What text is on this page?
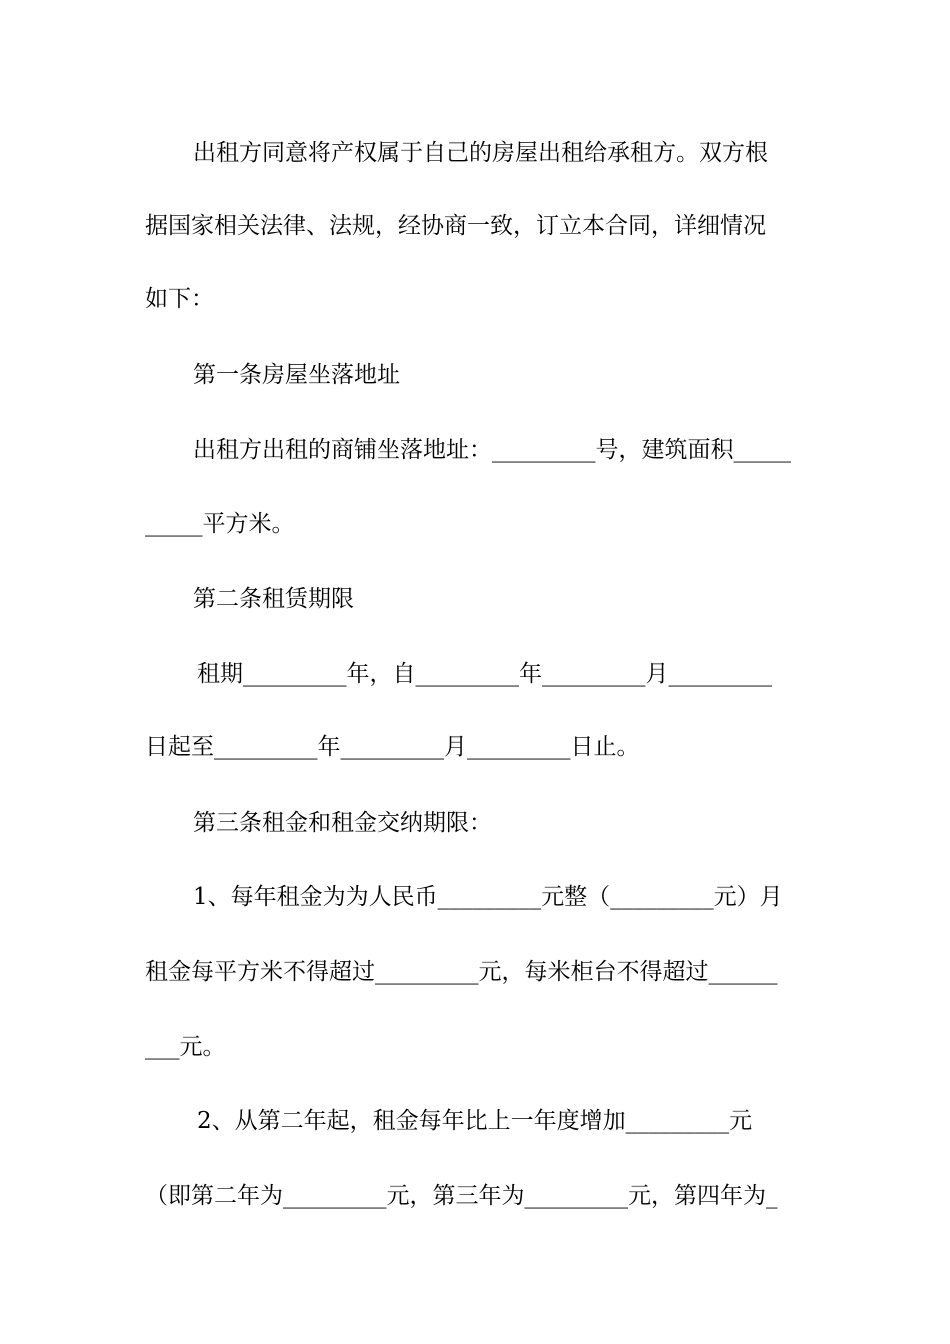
出租方同意将产权属于自己的房屋出租给承租方。双方根
据国家相关法律、法规，经协商一致，订立本合同，详细情况
如下：
第一条房屋坐落地址
出租方出租的商铺坐落地址：_________号，建筑面积_____
_____平方米。
第二条租赁期限
租期_________年，自_________年_________月_________
日起至_________年_________月_________日止。
第三条租金和租金交纳期限：
1、每年租金为为人民币_________元整（_________元）月
租金每平方米不得超过_________元，每米柜台不得超过______
___元。
2、从第二年起，租金每年比上一年度增加_________元
（即第二年为_________元，第三年为_________元，第四年为_
